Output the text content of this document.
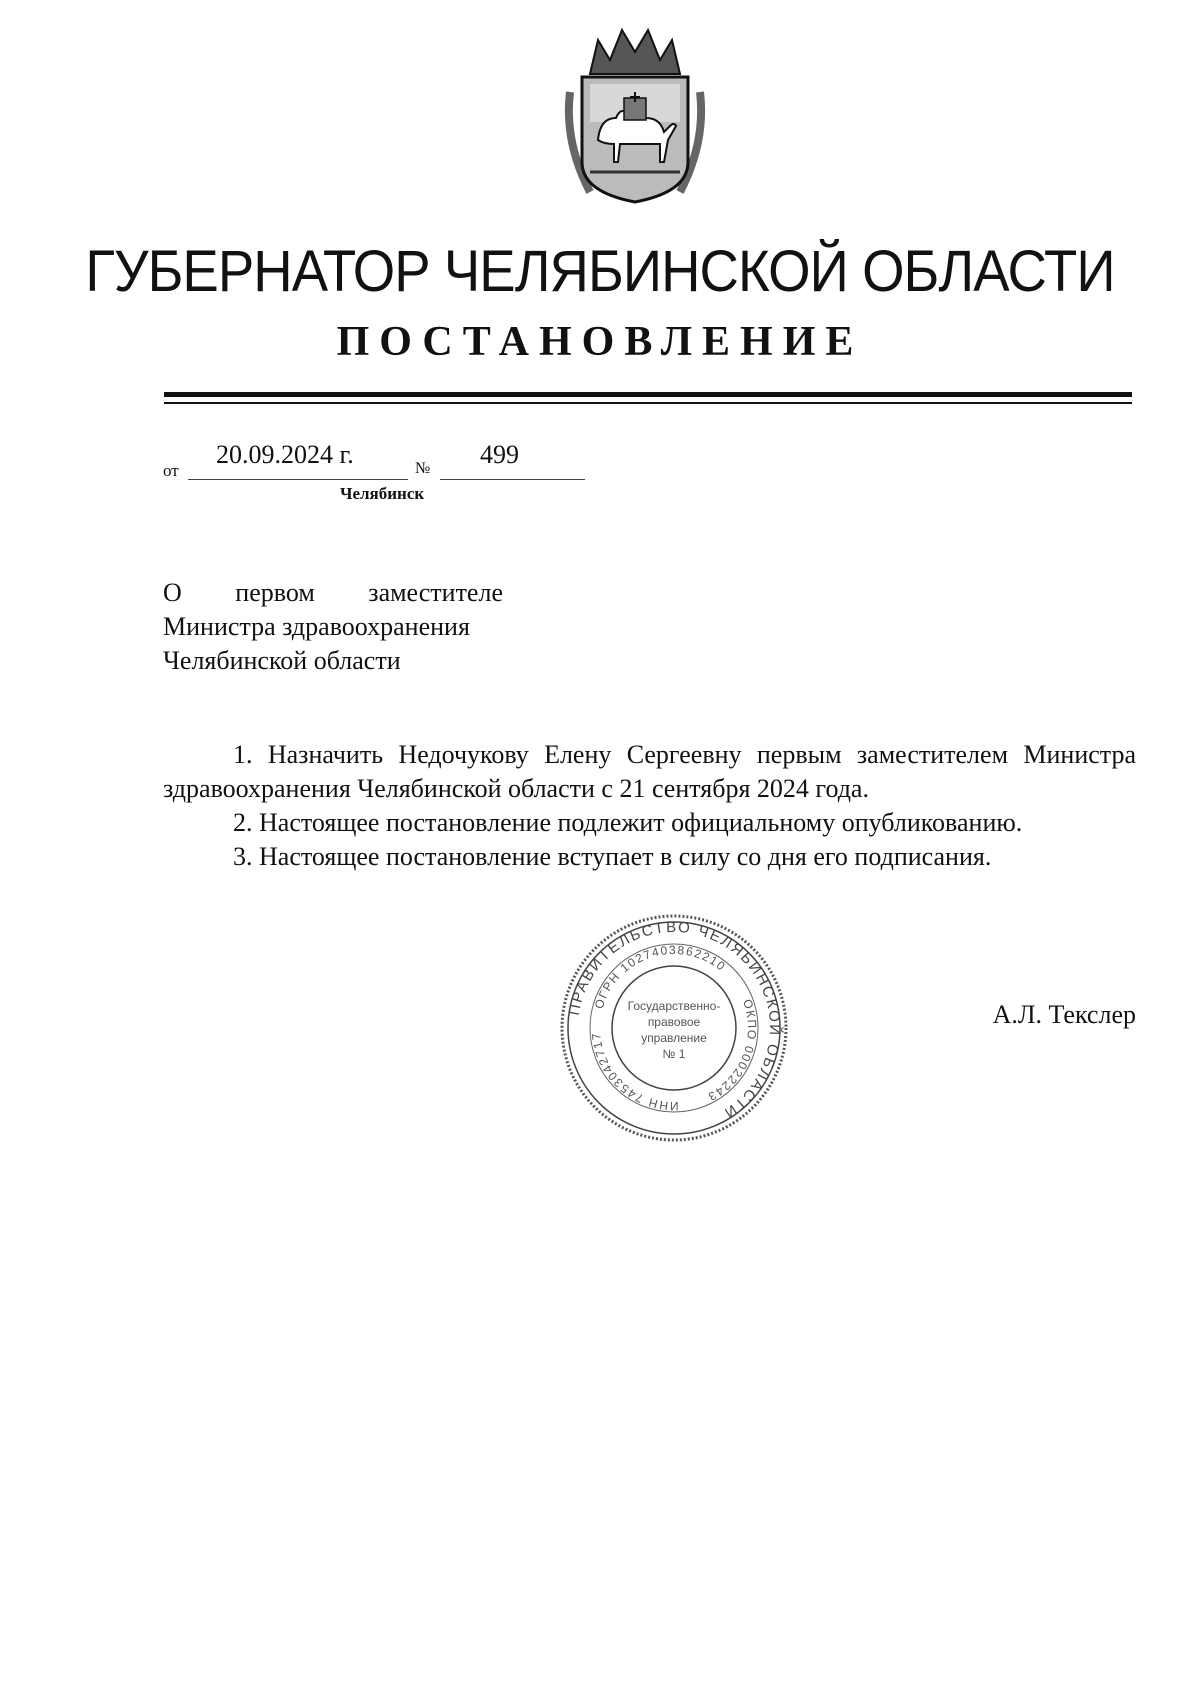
ГУБЕРНАТОР ЧЕЛЯБИНСКОЙ ОБЛАСТИ
ПОСТАНОВЛЕНИЕ
от
20.09.2024 г.	№ 499
Челябинск
О первом заместителе
Министра здравоохранения
Челябинской области

1. Назначить Недочукову Елену Сергеевну первым заместителем Министра здравоохранения Челябинской области с 21 сентября 2024 года.

2. Настоящее постановление подлежит официальному опубликованию.

3. Настоящее постановление вступает в силу со дня его подписания.

ПРАВИТЕЛЬСТВО ЧЕЛЯБИНСКОЙ ОБЛАСТИ
ОГРН 1027403862210
ОКПО 00022243
ИНН 7453042717
Государственно-
правовое
управление
№ 1
А.Л. Текслер
